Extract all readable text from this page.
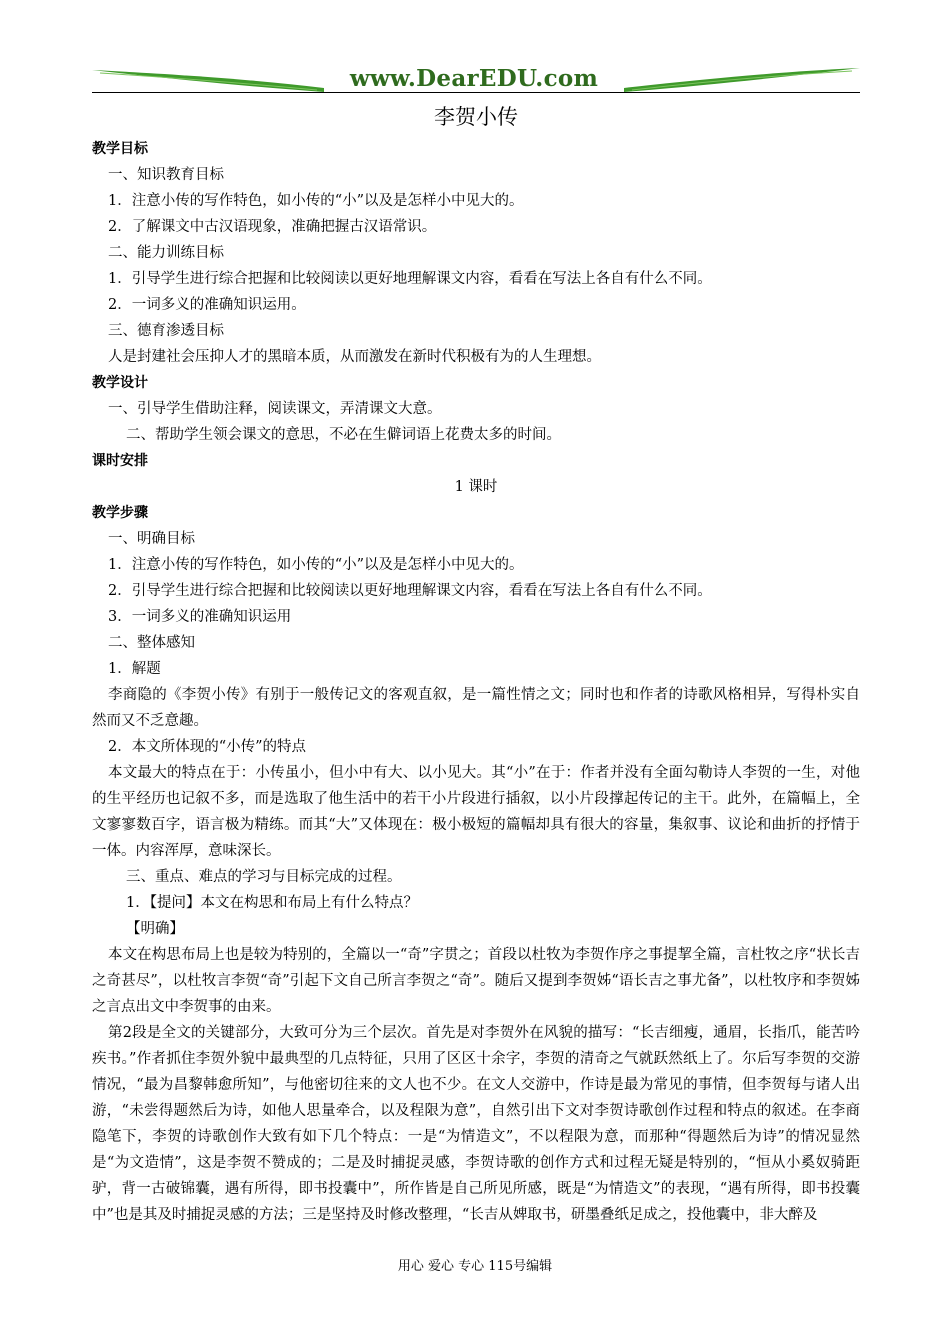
www.DearEDU.com
李贺小传
教学目标
一、知识教育目标
1．注意小传的写作特色，如小传的“小”以及是怎样小中见大的。
2．了解课文中古汉语现象，准确把握古汉语常识。
二、能力训练目标
1．引导学生进行综合把握和比较阅读以更好地理解课文内容，看看在写法上各自有什么不同。
2．一词多义的准确知识运用。
三、德育渗透目标
人是封建社会压抑人才的黑暗本质，从而激发在新时代积极有为的人生理想。
教学设计
一、引导学生借助注释，阅读课文，弄清课文大意。
二、帮助学生领会课文的意思，不必在生僻词语上花费太多的时间。
课时安排
1 课时
教学步骤
一、明确目标
1．注意小传的写作特色，如小传的“小”以及是怎样小中见大的。
2．引导学生进行综合把握和比较阅读以更好地理解课文内容，看看在写法上各自有什么不同。
3．一词多义的准确知识运用
二、整体感知
1．解题
李商隐的《李贺小传》有别于一般传记文的客观直叙，是一篇性情之文；同时也和作者的诗歌风格相异，写得朴实自然而又不乏意趣。
2．本文所体现的“小传”的特点
本文最大的特点在于：小传虽小，但小中有大、以小见大。其“小”在于：作者并没有全面勾勒诗人李贺的一生，对他的生平经历也记叙不多，而是选取了他生活中的若干小片段进行插叙，以小片段撑起传记的主干。此外，在篇幅上，全文寥寥数百字，语言极为精练。而其“大”又体现在：极小极短的篇幅却具有很大的容量，集叙事、议论和曲折的抒情于一体。内容浑厚，意味深长。
三、重点、难点的学习与目标完成的过程。
1．【提问】本文在构思和布局上有什么特点？
【明确】
本文在构思布局上也是较为特别的，全篇以一“奇”字贯之；首段以杜牧为李贺作序之事提挈全篇，言杜牧之序“状长吉之奇甚尽”，以杜牧言李贺“奇”引起下文自己所言李贺之“奇”。随后又提到李贺姊“语长吉之事尤备”，以杜牧序和李贺姊之言点出文中李贺事的由来。
第2段是全文的关键部分，大致可分为三个层次。首先是对李贺外在风貌的描写：“长吉细瘦，通眉，长指爪，能苦吟疾书。”作者抓住李贺外貌中最典型的几点特征，只用了区区十余字，李贺的清奇之气就跃然纸上了。尔后写李贺的交游情况，“最为昌黎韩愈所知”，与他密切往来的文人也不少。在文人交游中，作诗是最为常见的事情，但李贺每与诸人出游，“未尝得题然后为诗，如他人思量牵合，以及程限为意”，自然引出下文对李贺诗歌创作过程和特点的叙述。在李商隐笔下，李贺的诗歌创作大致有如下几个特点：一是“为情造文”，不以程限为意，而那种“得题然后为诗”的情况显然是“为文造情”，这是李贺不赞成的；二是及时捕捉灵感，李贺诗歌的创作方式和过程无疑是特别的，“恒从小奚奴骑距驴，背一古破锦囊，遇有所得，即书投囊中”，所作皆是自己所见所感，既是“为情造文”的表现，“遇有所得，即书投囊中”也是其及时捕捉灵感的方法；三是坚持及时修改整理，“长吉从婢取书，研墨叠纸足成之，投他囊中，非大醉及
用心 爱心 专心 115号编辑
